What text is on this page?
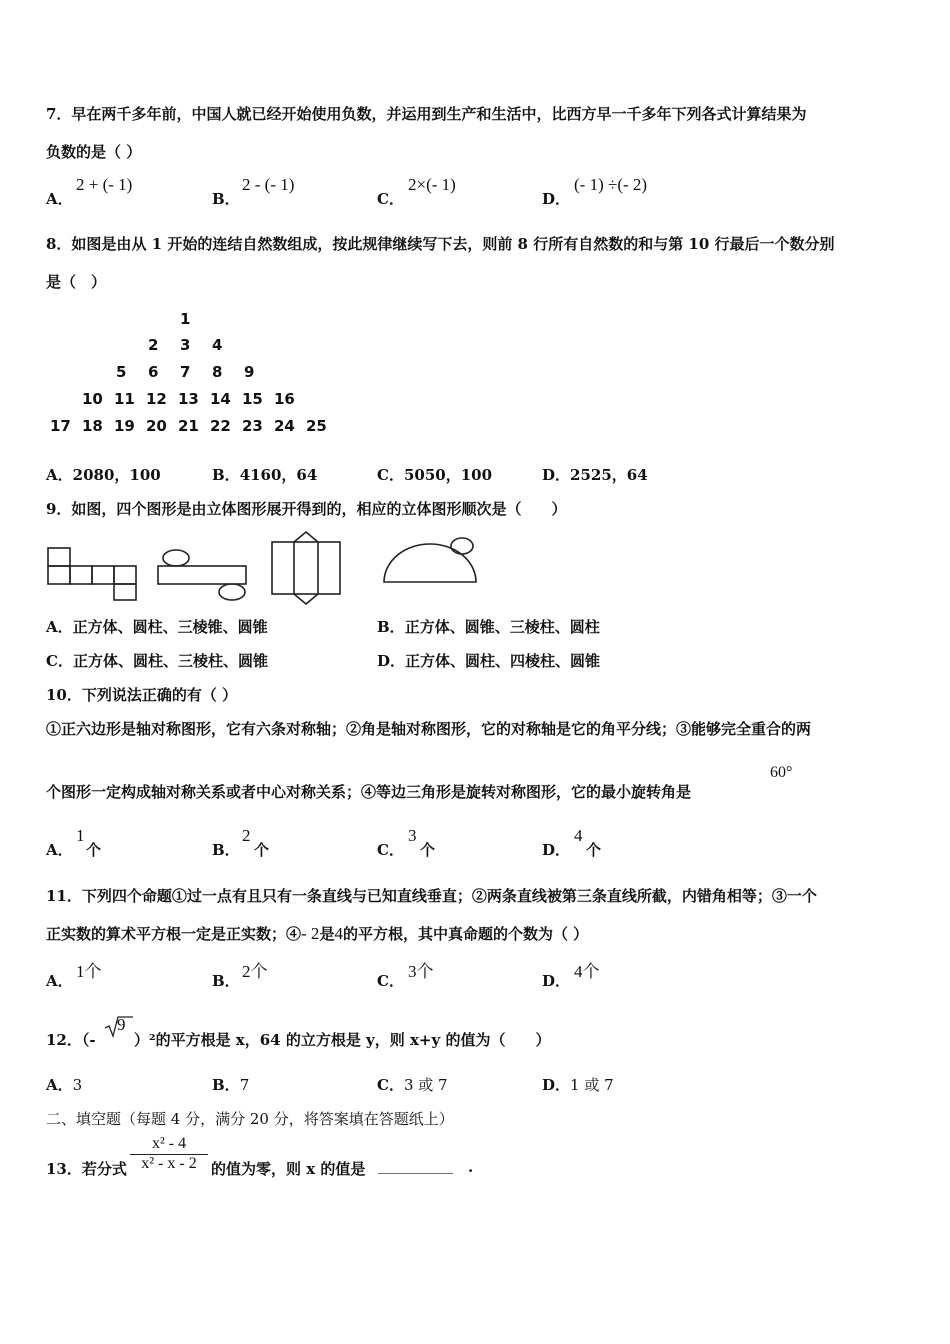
7．早在两千多年前，中国人就已经开始使用负数，并运用到生产和生活中，比西方早一千多年下列各式计算结果为
负数的是（ ）
A．
2 + (- 1)
B．
2 - (- 1)
C．
2×(- 1)
D．
(- 1) ÷(- 2)
8．如图是由从 1 开始的连结自然数组成，按此规律继续写下去，则前 8 行所有自然数的和与第 10 行最后一个数分别
是（　）
1
2 3 4
5 6 7 8 9
10 11 12 13 14 15 16
17 18 19 20 21 22 23 24 25
A．2080，100	B．4160，64	C．5050，100	D．2525，64
9．如图，四个图形是由立体图形展开得到的，相应的立体图形顺次是（　　）
A．正方体、圆柱、三棱锥、圆锥	B．正方体、圆锥、三棱柱、圆柱
C．正方体、圆柱、三棱柱、圆锥	D．正方体、圆柱、四棱柱、圆锥
10．下列说法正确的有（ ）
①正六边形是轴对称图形，它有六条对称轴；②角是轴对称图形，它的对称轴是它的角平分线；③能够完全重合的两
个图形一定构成轴对称关系或者中心对称关系；④等边三角形是旋转对称图形，它的最小旋转角是
60°
A．
1
个	B．
2
个	C．
3
个	D．
4
个
11．下列四个命题①过一点有且只有一条直线与已知直线垂直；②两条直线被第三条直线所截，内错角相等；③一个
正实数的算术平方根一定是正实数；④- 2是4的平方根，其中真命题的个数为（ ）
A． 1个	B． 2个	C． 3个	D． 4个
12．（-
9
）²的平方根是 x，64 的立方根是 y，则 x+y 的值为（　　）
A．3	B．7	C．3 或 7	D．1 或 7
二、填空题（每题 4 分，满分 20 分，将答案填在答题纸上）
13．若分式 $\frac{\text{x² - 4}}{\text{x² - x - 2}}$ 的值为零，则 x 的值是 __________ .
